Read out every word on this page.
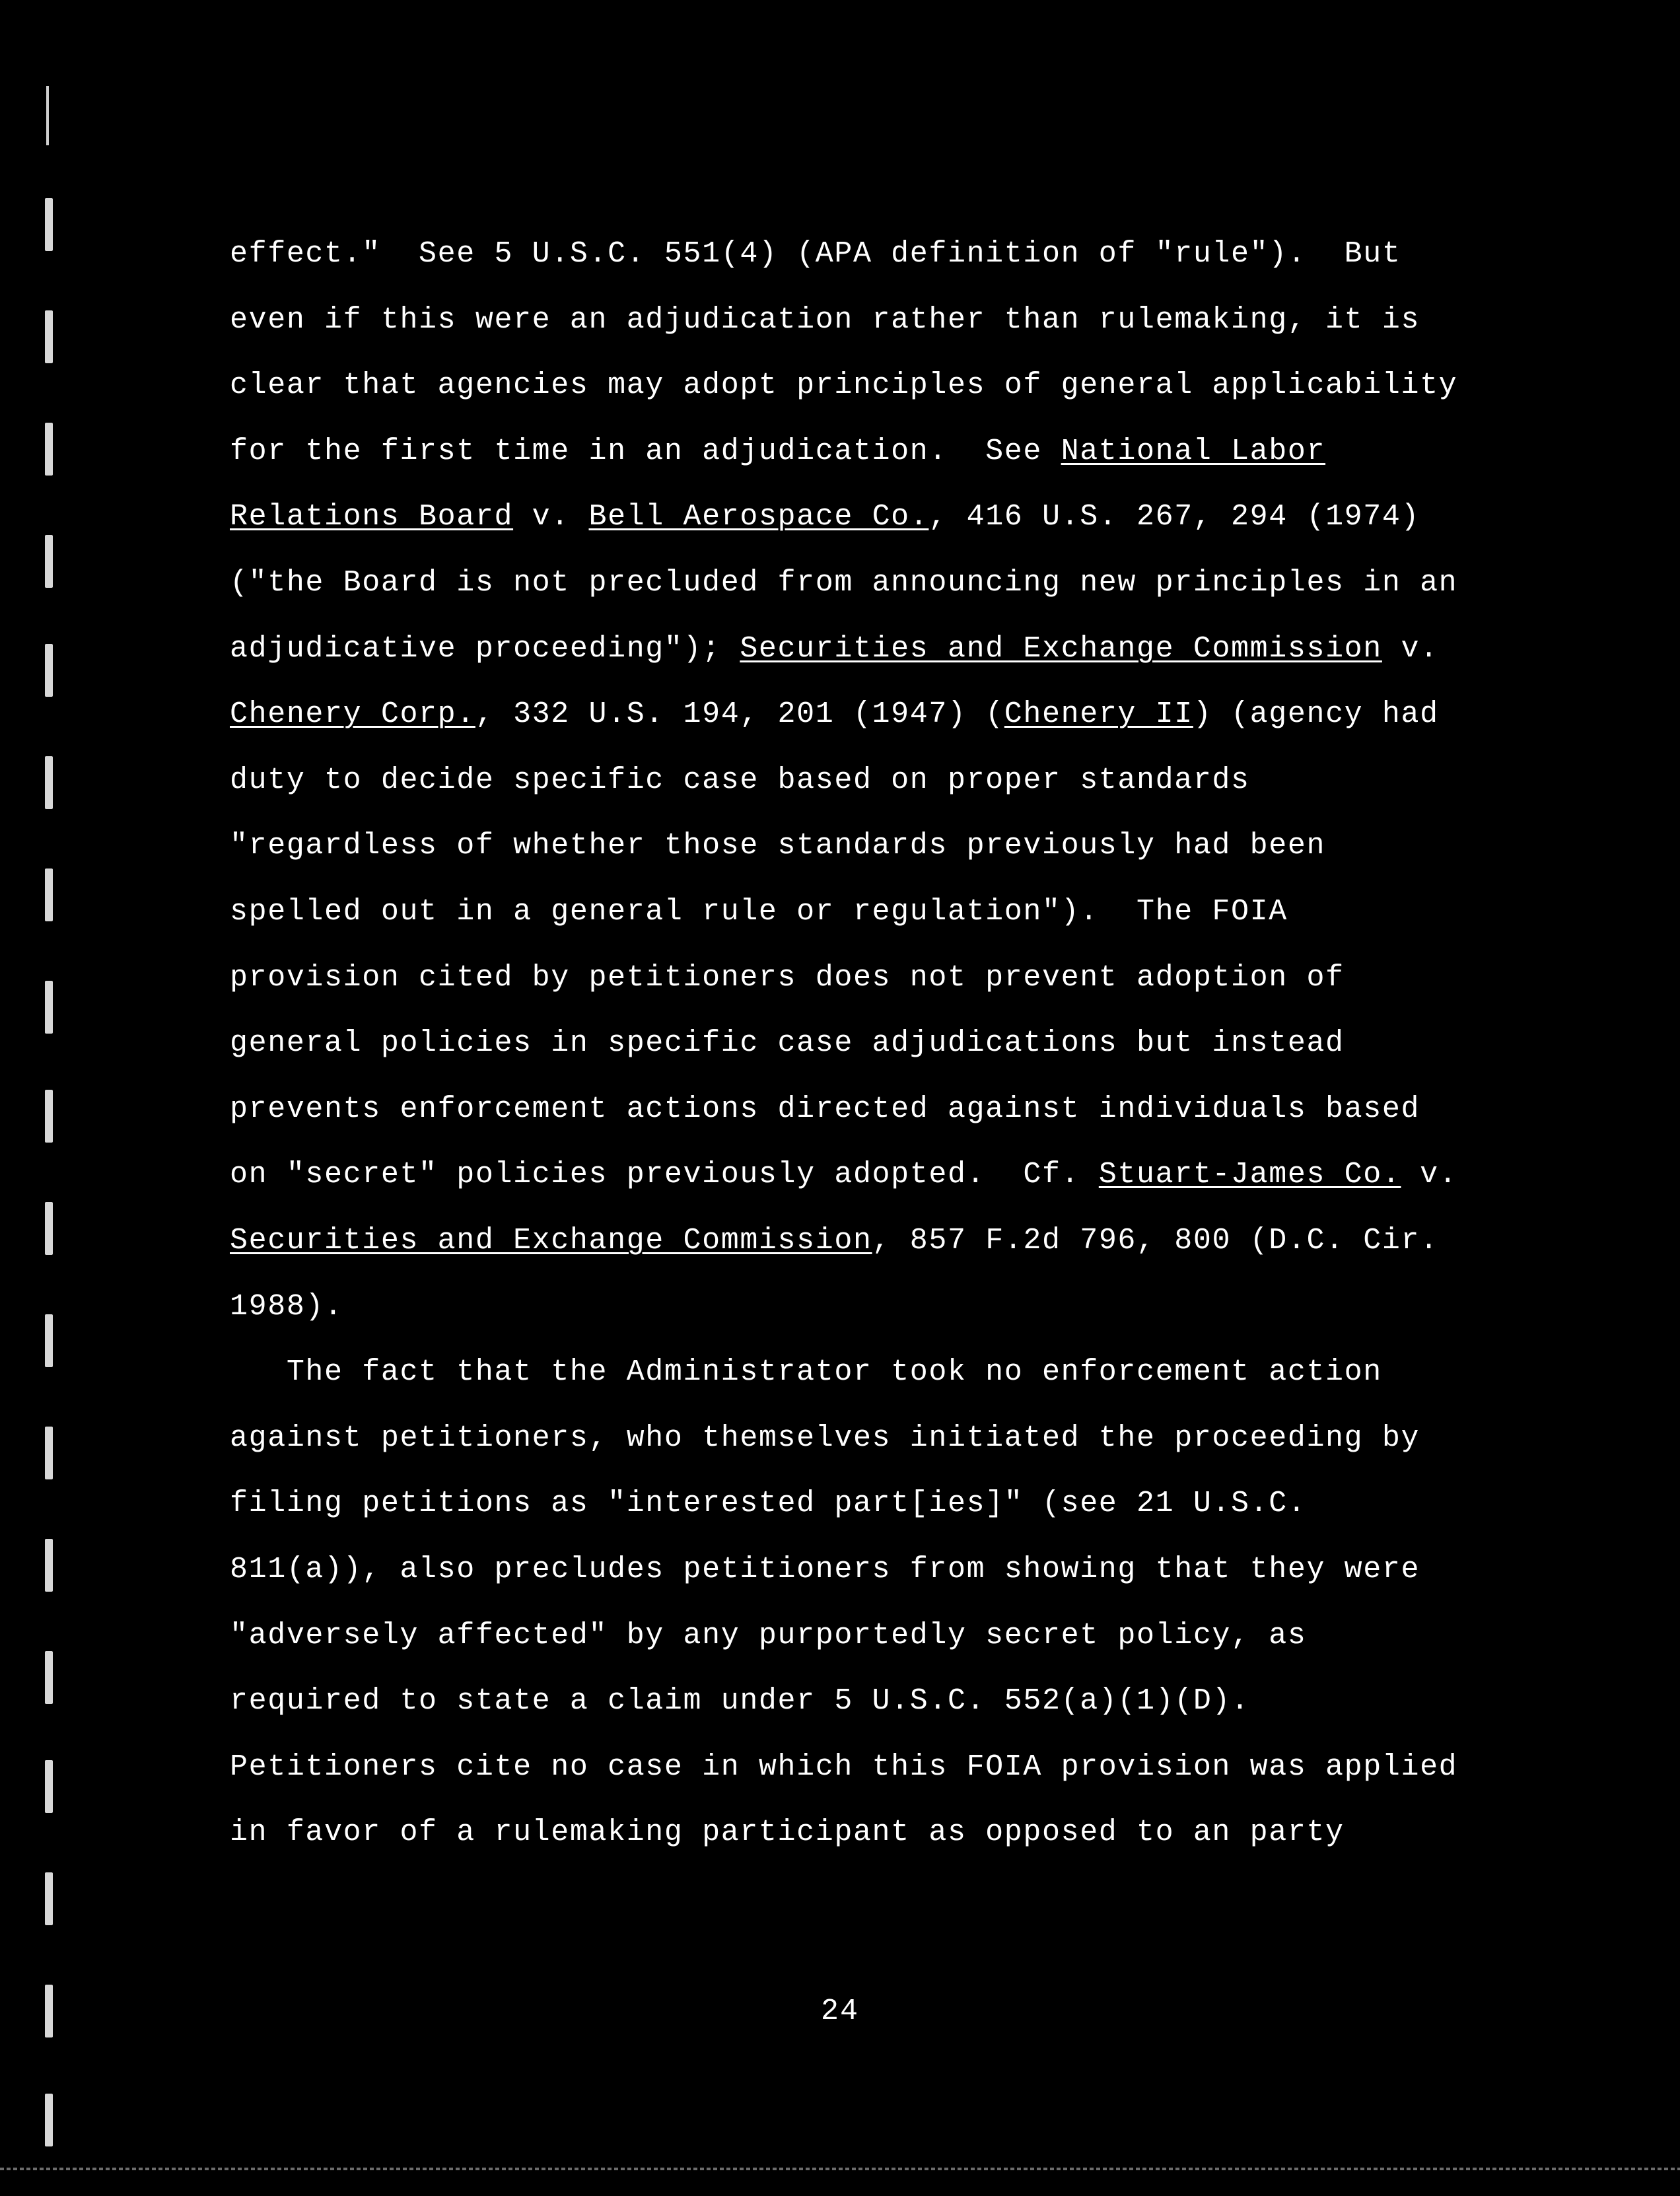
effect."  See 5 U.S.C. 551(4) (APA definition of "rule").  But
even if this were an adjudication rather than rulemaking, it is
clear that agencies may adopt principles of general applicability
for the first time in an adjudication.  See National Labor
Relations Board v. Bell Aerospace Co., 416 U.S. 267, 294 (1974)
("the Board is not precluded from announcing new principles in an
adjudicative proceeding"); Securities and Exchange Commission v.
Chenery Corp., 332 U.S. 194, 201 (1947) (Chenery II) (agency had
duty to decide specific case based on proper standards
"regardless of whether those standards previously had been
spelled out in a general rule or regulation").  The FOIA
provision cited by petitioners does not prevent adoption of
general policies in specific case adjudications but instead
prevents enforcement actions directed against individuals based
on "secret" policies previously adopted.  Cf. Stuart-James Co. v.
Securities and Exchange Commission, 857 F.2d 796, 800 (D.C. Cir.
1988).
The fact that the Administrator took no enforcement action
against petitioners, who themselves initiated the proceeding by
filing petitions as "interested part[ies]" (see 21 U.S.C.
811(a)), also precludes petitioners from showing that they were
"adversely affected" by any purportedly secret policy, as
required to state a claim under 5 U.S.C. 552(a)(1)(D).
Petitioners cite no case in which this FOIA provision was applied
in favor of a rulemaking participant as opposed to an party
24
